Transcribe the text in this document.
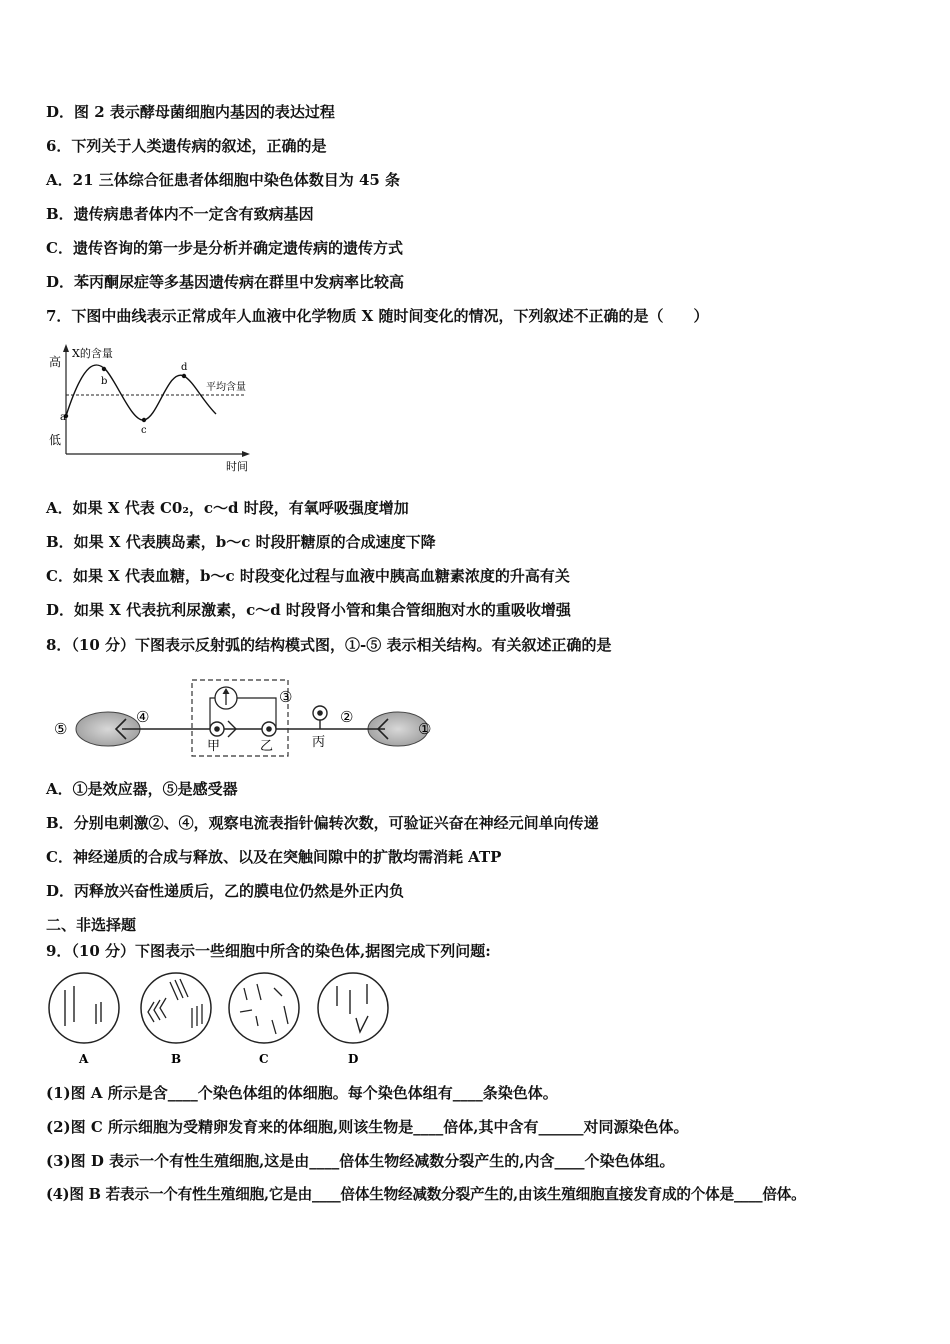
D．图 2 表示酵母菌细胞内基因的表达过程
6．下列关于人类遗传病的叙述，正确的是
A．21 三体综合征患者体细胞中染色体数目为 45 条
B．遗传病患者体内不一定含有致病基因
C．遗传咨询的第一步是分析并确定遗传病的遗传方式
D．苯丙酮尿症等多基因遗传病在群里中发病率比较高
7．下图中曲线表示正常成年人血液中化学物质 X 随时间变化的情况，下列叙述不正确的是（　　）
X的含量
高
低
时间
平均含量
a
b
c
d
A．如果 X 代表 C0₂，c～d 时段，有氧呼吸强度增加
B．如果 X 代表胰岛素，b～c 时段肝糖原的合成速度下降
C．如果 X 代表血糖，b～c 时段变化过程与血液中胰高血糖素浓度的升高有关
D．如果 X 代表抗利尿激素，c～d 时段肾小管和集合管细胞对水的重吸收增强
8．（10 分）下图表示反射弧的结构模式图，①-⑤ 表示相关结构。有关叙述正确的是
⑤
④
③
②
①
甲	乙	丙
A．①是效应器，⑤是感受器
B．分别电刺激②、④，观察电流表指针偏转次数，可验证兴奋在神经元间单向传递
C．神经递质的合成与释放、以及在突触间隙中的扩散均需消耗 ATP
D．丙释放兴奋性递质后，乙的膜电位仍然是外正内负
二、非选择题
9．（10 分）下图表示一些细胞中所含的染色体,据图完成下列问题:
A	B	C	D
(1)图 A 所示是含____个染色体组的体细胞。每个染色体组有____条染色体。
(2)图 C 所示细胞为受精卵发育来的体细胞,则该生物是____倍体,其中含有______对同源染色体。
(3)图 D 表示一个有性生殖细胞,这是由____倍体生物经减数分裂产生的,内含____个染色体组。
(4)图 B 若表示一个有性生殖细胞,它是由____倍体生物经减数分裂产生的,由该生殖细胞直接发育成的个体是____倍体。
